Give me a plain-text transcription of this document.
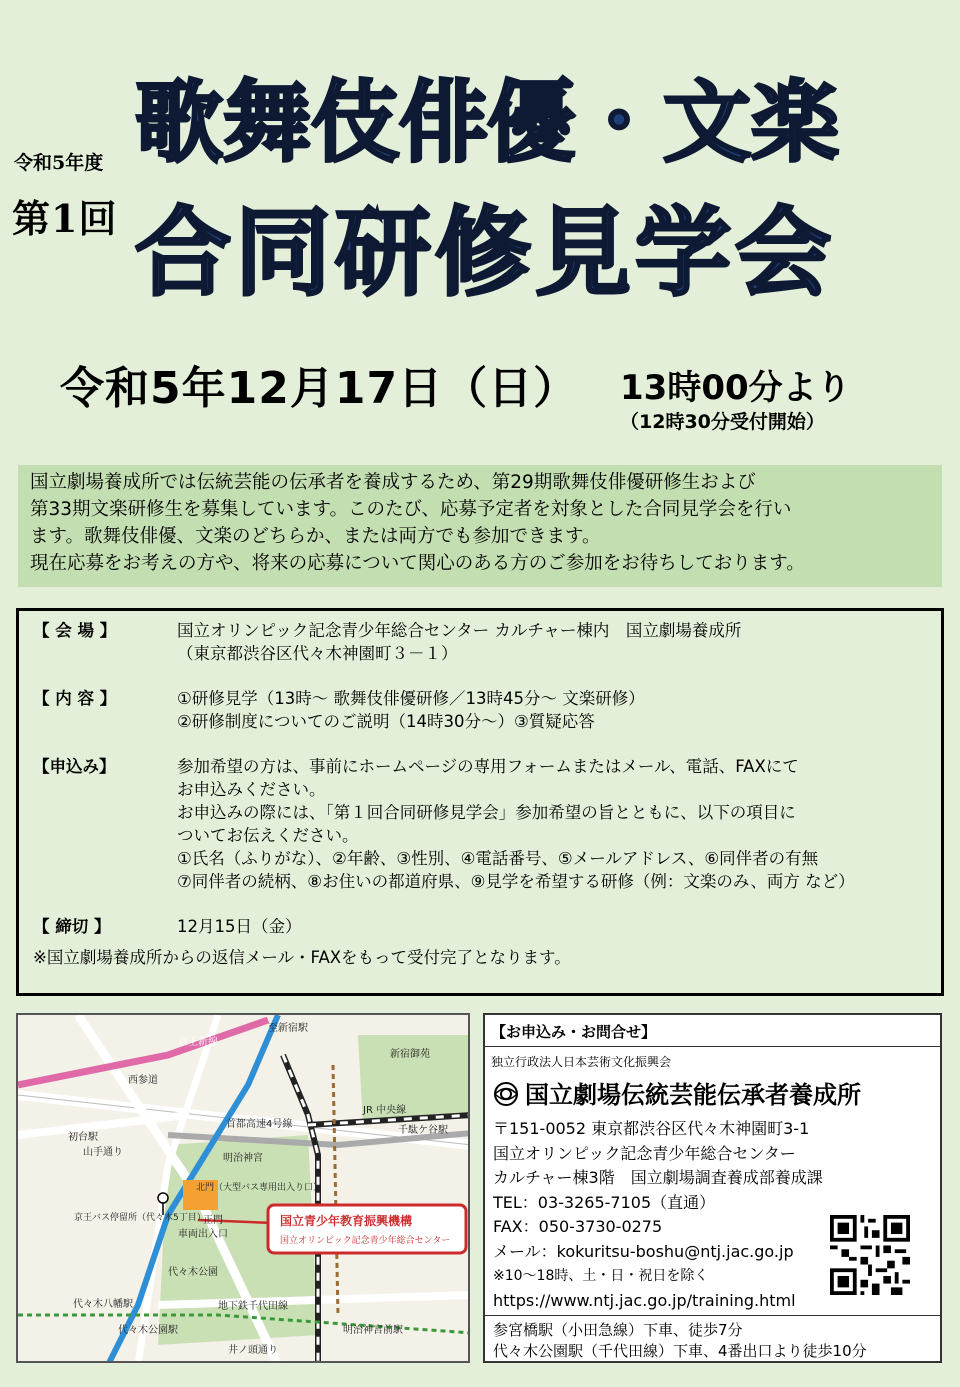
令和5年度
第1回
歌舞伎俳優・文楽
合同研修見学会
令和5年12月17日（日） 13時00分より
（12時30分受付開始）

国立劇場養成所では伝統芸能の伝承者を養成するため、第29期歌舞伎俳優研修生および

第33期文楽研修生を募集しています。このたび、応募予定者を対象とした合同見学会を行い

ます。歌舞伎俳優、文楽のどちらか、または両方でも参加できます。

現在応募をお考えの方や、将来の応募について関心のある方のご参加をお待ちしております。

【 会 場 】	国立オリンピック記念青少年総合センター カルチャー棟内　国立劇場養成所

（東京都渋谷区代々木神園町３－１）

【 内 容 】	①研修見学（13時～ 歌舞伎俳優研修／13時45分～ 文楽研修）

②研修制度についてのご説明（14時30分～）③質疑応答

【申込み】	参加希望の方は、事前にホームページの専用フォームまたはメール、電話、FAXにて

お申込みください。

お申込みの際には、「第１回合同研修見学会」参加希望の旨とともに、以下の項目に

ついてお伝えください。

①氏名（ふりがな）、②年齢、③性別、④電話番号、⑤メールアドレス、⑥同伴者の有無

⑦同伴者の続柄、⑧お住いの都道府県、⑨見学を希望する研修（例：文楽のみ、両方 など）

【 締切 】	12月15日（金）

※国立劇場養成所からの返信メール・FAXをもって受付完了となります。

至新宿駅
京王新線
新宿御苑
西参道
首都高速4号線
JR 中央線
千駄ケ谷駅
初台駅
山手通り
明治神宮
北門（大型バス専用出入り口）
正門
車両出入口
京王バス停留所（代々木5丁目）	国立青少年教育振興機構
国立オリンピック記念青少年総合センター
代々木公園
代々木八幡駅
代々木公園駅
地下鉄千代田線
明治神宮前駅
井ノ頭通り
【お申込み・お問合せ】
独立行政法人日本芸術文化振興会
国立劇場伝統芸能伝承者養成所
〒151-0052 東京都渋谷区代々木神園町3-1
国立オリンピック記念青少年総合センター
カルチャー棟3階　国立劇場調査養成部養成課
TEL：03-3265-7105（直通）
FAX：050-3730-0275
メール：kokuritsu-boshu@ntj.jac.go.jp
※10～18時、土・日・祝日を除く
https://www.ntj.jac.go.jp/training.html
参宮橋駅（小田急線）下車、徒歩7分
代々木公園駅（千代田線）下車、4番出口より徒歩10分
